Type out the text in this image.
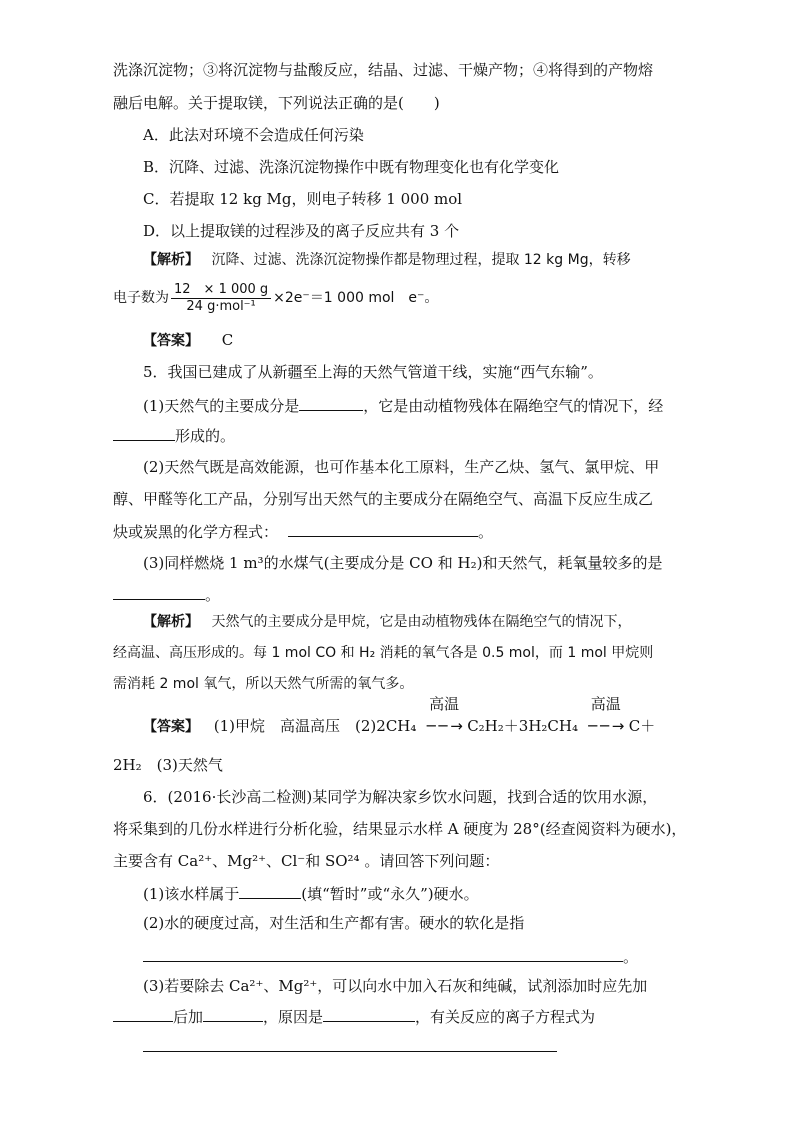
洗涤沉淀物；③将沉淀物与盐酸反应，结晶、过滤、干燥产物；④将得到的产物熔
融后电解。关于提取镁，下列说法正确的是(　　)
A．此法对环境不会造成任何污染
B．沉降、过滤、洗涤沉淀物操作中既有物理变化也有化学变化
C．若提取 12 kg Mg，则电子转移 1 000 mol
D．以上提取镁的过程涉及的离子反应共有 3 个
【解析】 沉降、过滤、洗涤沉淀物操作都是物理过程，提取 12 kg Mg，转移
电子数为 $\frac{12 \times 1 000 g}{\text{24 g·mol⁻¹}} \times 2e^-=1$ 000 mol　e⁻。
【答案】 C
5．我国已建成了从新疆至上海的天然气管道干线，实施“西气东输”。
(1)天然气的主要成分是	，它是由动植物残体在隔绝空气的情况下，经
形成的。
(2)天然气既是高效能源，也可作基本化工原料，生产乙炔、氢气、氯甲烷、甲
醇、甲醛等化工产品，分别写出天然气的主要成分在隔绝空气、高温下反应生成乙
炔或炭黑的化学方程式：	。
(3)同样燃烧 1 m³的水煤气(主要成分是 CO 和 H₂)和天然气，耗氧量较多的是
。
【解析】 天然气的主要成分是甲烷，它是由动植物残体在隔绝空气的情况下，
经高温、高压形成的。每 1 mol CO 和 H₂ 消耗的氧气各是 0.5 mol，而 1 mol 甲烷则
需消耗 2 mol 氧气，所以天然气所需的氧气多。
【答案】 (1)甲烷　高温高压　(2)2CH₄
高温
─ ─ → C₂H₂＋3H₂CH₄
高温
─ ─ → C＋
2H₂　(3)天然气
6．(2016·长沙高二检测)某同学为解决家乡饮水问题，找到合适的饮用水源，
将采集到的几份水样进行分析化验，结果显示水样 A 硬度为 28°(经查阅资料为硬水)，
主要含有 Ca²⁺、Mg²⁺、Cl⁻和 SO²⁴ 。请回答下列问题：
(1)该水样属于	(填“暂时”或“永久”)硬水。
(2)水的硬度过高，对生活和生产都有害。硬水的软化是指
。
(3)若要除去 Ca²⁺、Mg²⁺，可以向水中加入石灰和纯碱，试剂添加时应先加
后加	，原因是	，有关反应的离子方程式为
